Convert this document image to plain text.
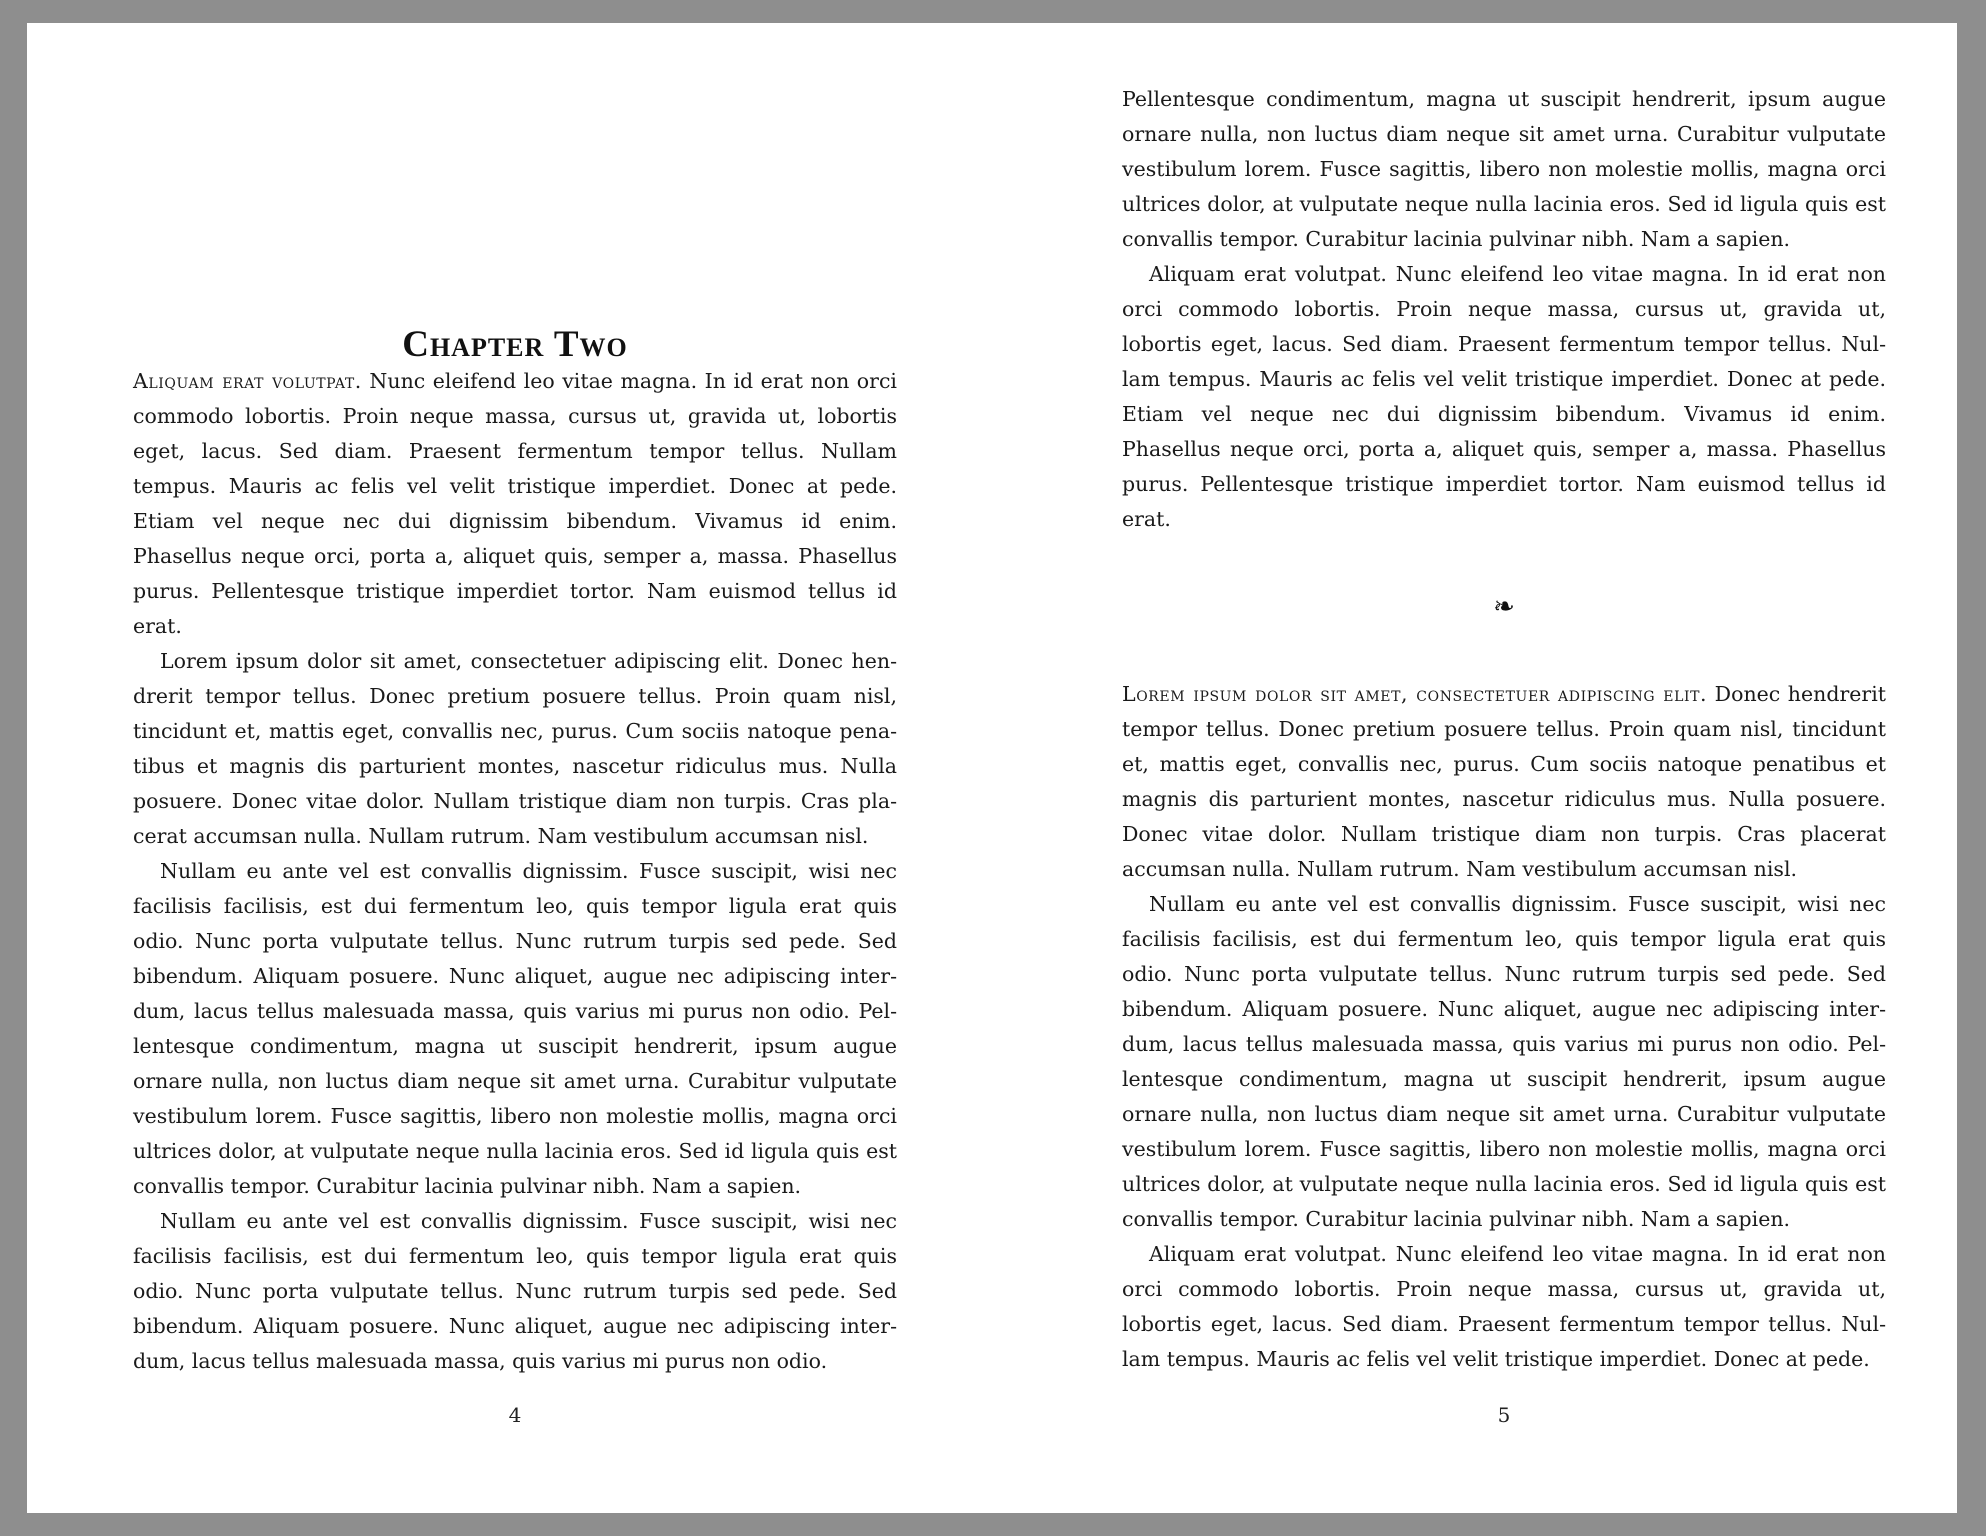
Chapter Two

Aliquam erat volutpat. Nunc eleifend leo vitae magna. In id erat non orci commodo lobortis. Proin neque massa, cursus ut, gravida ut, lobortis eget, lacus. Sed diam. Praesent fermentum tempor tellus. Nullam tempus. Mauris ac felis vel velit tristique imperdiet. Donec at pede. Etiam vel neque nec dui dignissim bibendum. Vivamus id enim. Phasellus neque orci, porta a, aliquet quis, semper a, massa. Phasellus purus. Pellentesque tristique imperdiet tortor. Nam euismod tellus id erat.

Lorem ipsum dolor sit amet, consectetuer adipiscing elit. Donec hendrerit tempor tellus. Donec pretium posuere tellus. Proin quam nisl, tincidunt et, mattis eget, convallis nec, purus. Cum sociis natoque penatibus et magnis dis parturient montes, nascetur ridiculus mus. Nulla posuere. Donec vitae dolor. Nullam tristique diam non turpis. Cras placerat accumsan nulla. Nullam rutrum. Nam vestibulum accumsan nisl.

Nullam eu ante vel est convallis dignissim. Fusce suscipit, wisi nec facilisis facilisis, est dui fermentum leo, quis tempor ligula erat quis odio. Nunc porta vulputate tellus. Nunc rutrum turpis sed pede. Sed bibendum. Aliquam posuere. Nunc aliquet, augue nec adipiscing interdum, lacus tellus malesuada massa, quis varius mi purus non odio. Pellentesque condimentum, magna ut suscipit hendrerit, ipsum augue ornare nulla, non luctus diam neque sit amet urna. Curabitur vulputate vestibulum lorem. Fusce sagittis, libero non molestie mollis, magna orci ultrices dolor, at vulputate neque nulla lacinia eros. Sed id ligula quis est convallis tempor. Curabitur lacinia pulvinar nibh. Nam a sapien.

Nullam eu ante vel est convallis dignissim. Fusce suscipit, wisi nec facilisis facilisis, est dui fermentum leo, quis tempor ligula erat quis odio. Nunc porta vulputate tellus. Nunc rutrum turpis sed pede. Sed bibendum. Aliquam posuere. Nunc aliquet, augue nec adipiscing interdum, lacus tellus malesuada massa, quis varius mi purus non odio.

4

Pellentesque condimentum, magna ut suscipit hendrerit, ipsum augue ornare nulla, non luctus diam neque sit amet urna. Curabitur vulputate vestibulum lorem. Fusce sagittis, libero non molestie mollis, magna orci ultrices dolor, at vulputate neque nulla lacinia eros. Sed id ligula quis est convallis tempor. Curabitur lacinia pulvinar nibh. Nam a sapien.

Aliquam erat volutpat. Nunc eleifend leo vitae magna. In id erat non orci commodo lobortis. Proin neque massa, cursus ut, gravida ut, lobortis eget, lacus. Sed diam. Praesent fermentum tempor tellus. Nullam tempus. Mauris ac felis vel velit tristique imperdiet. Donec at pede. Etiam vel neque nec dui dignissim bibendum. Vivamus id enim. Phasellus neque orci, porta a, aliquet quis, semper a, massa. Phasellus purus. Pellentesque tristique imperdiet tortor. Nam euismod tellus id erat.

❧

Lorem ipsum dolor sit amet, consectetuer adipiscing elit. Donec hendrerit tempor tellus. Donec pretium posuere tellus. Proin quam nisl, tincidunt et, mattis eget, convallis nec, purus. Cum sociis natoque penatibus et magnis dis parturient montes, nascetur ridiculus mus. Nulla posuere. Donec vitae dolor. Nullam tristique diam non turpis. Cras placerat accumsan nulla. Nullam rutrum. Nam vestibulum accumsan nisl.

Nullam eu ante vel est convallis dignissim. Fusce suscipit, wisi nec facilisis facilisis, est dui fermentum leo, quis tempor ligula erat quis odio. Nunc porta vulputate tellus. Nunc rutrum turpis sed pede. Sed bibendum. Aliquam posuere. Nunc aliquet, augue nec adipiscing interdum, lacus tellus malesuada massa, quis varius mi purus non odio. Pellentesque condimentum, magna ut suscipit hendrerit, ipsum augue ornare nulla, non luctus diam neque sit amet urna. Curabitur vulputate vestibulum lorem. Fusce sagittis, libero non molestie mollis, magna orci ultrices dolor, at vulputate neque nulla lacinia eros. Sed id ligula quis est convallis tempor. Curabitur lacinia pulvinar nibh. Nam a sapien.

Aliquam erat volutpat. Nunc eleifend leo vitae magna. In id erat non orci commodo lobortis. Proin neque massa, cursus ut, gravida ut, lobortis eget, lacus. Sed diam. Praesent fermentum tempor tellus. Nullam tempus. Mauris ac felis vel velit tristique imperdiet. Donec at pede.

5
